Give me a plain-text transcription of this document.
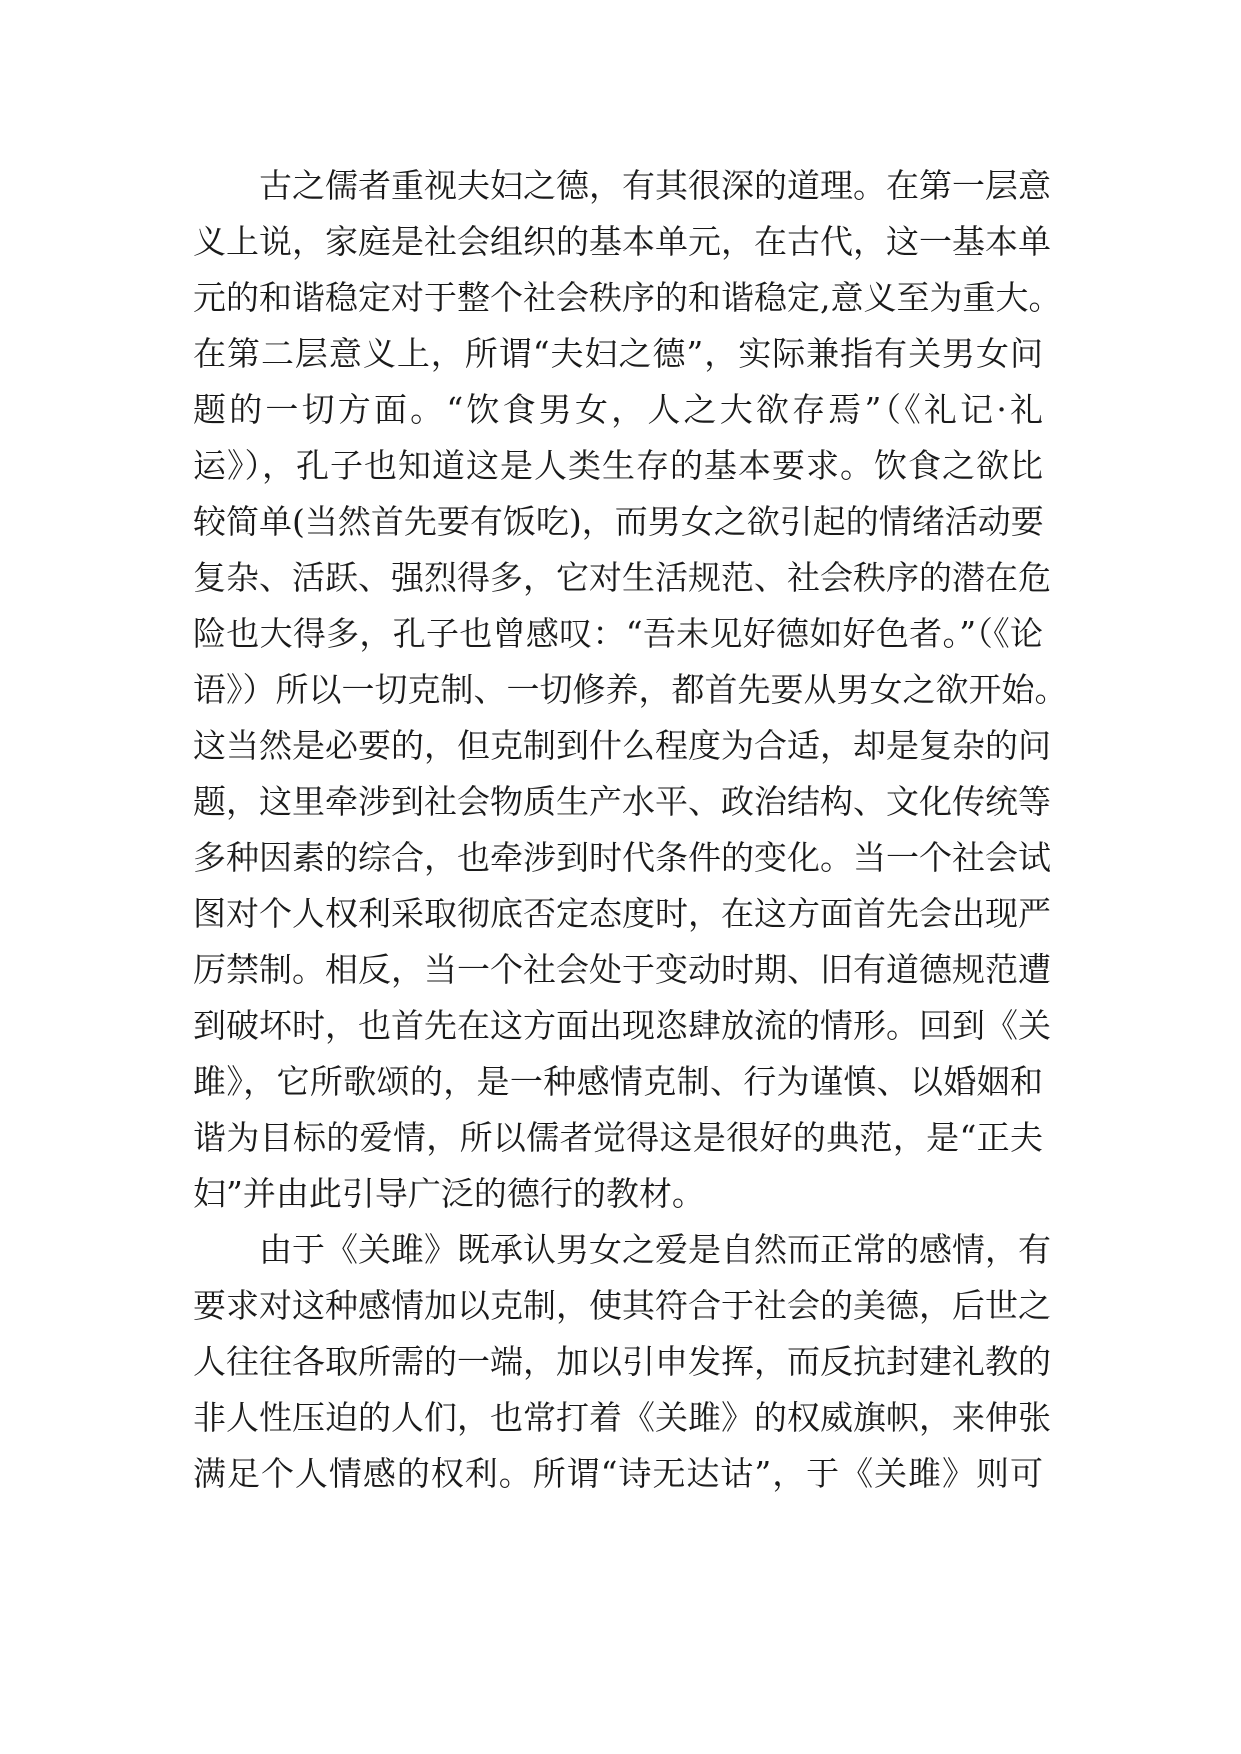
古之儒者重视夫妇之德，有其很深的道理。在第一层意
义上说，家庭是社会组织的基本单元，在古代，这一基本单
元的和谐稳定对于整个社会秩序的和谐稳定,意义至为重大。
在第二层意义上，所谓“夫妇之德”，实际兼指有关男女问
题的一切方面。“饮食男女，人之大欲存焉”（《礼记·礼
运》），孔子也知道这是人类生存的基本要求。饮食之欲比
较简单(当然首先要有饭吃)，而男女之欲引起的情绪活动要
复杂、活跃、强烈得多，它对生活规范、社会秩序的潜在危
险也大得多，孔子也曾感叹：“吾未见好德如好色者。”（《论
语》）所以一切克制、一切修养，都首先要从男女之欲开始。
这当然是必要的，但克制到什么程度为合适，却是复杂的问
题，这里牵涉到社会物质生产水平、政治结构、文化传统等
多种因素的综合，也牵涉到时代条件的变化。当一个社会试
图对个人权利采取彻底否定态度时，在这方面首先会出现严
厉禁制。相反，当一个社会处于变动时期、旧有道德规范遭
到破坏时，也首先在这方面出现恣肆放流的情形。回到《关
雎》，它所歌颂的，是一种感情克制、行为谨慎、以婚姻和
谐为目标的爱情，所以儒者觉得这是很好的典范，是“正夫
妇”并由此引导广泛的德行的教材。
由于《关雎》既承认男女之爱是自然而正常的感情，有
要求对这种感情加以克制，使其符合于社会的美德，后世之
人往往各取所需的一端，加以引申发挥，而反抗封建礼教的
非人性压迫的人们，也常打着《关雎》的权威旗帜，来伸张
满足个人情感的权利。所谓“诗无达诂”，于《关雎》则可
